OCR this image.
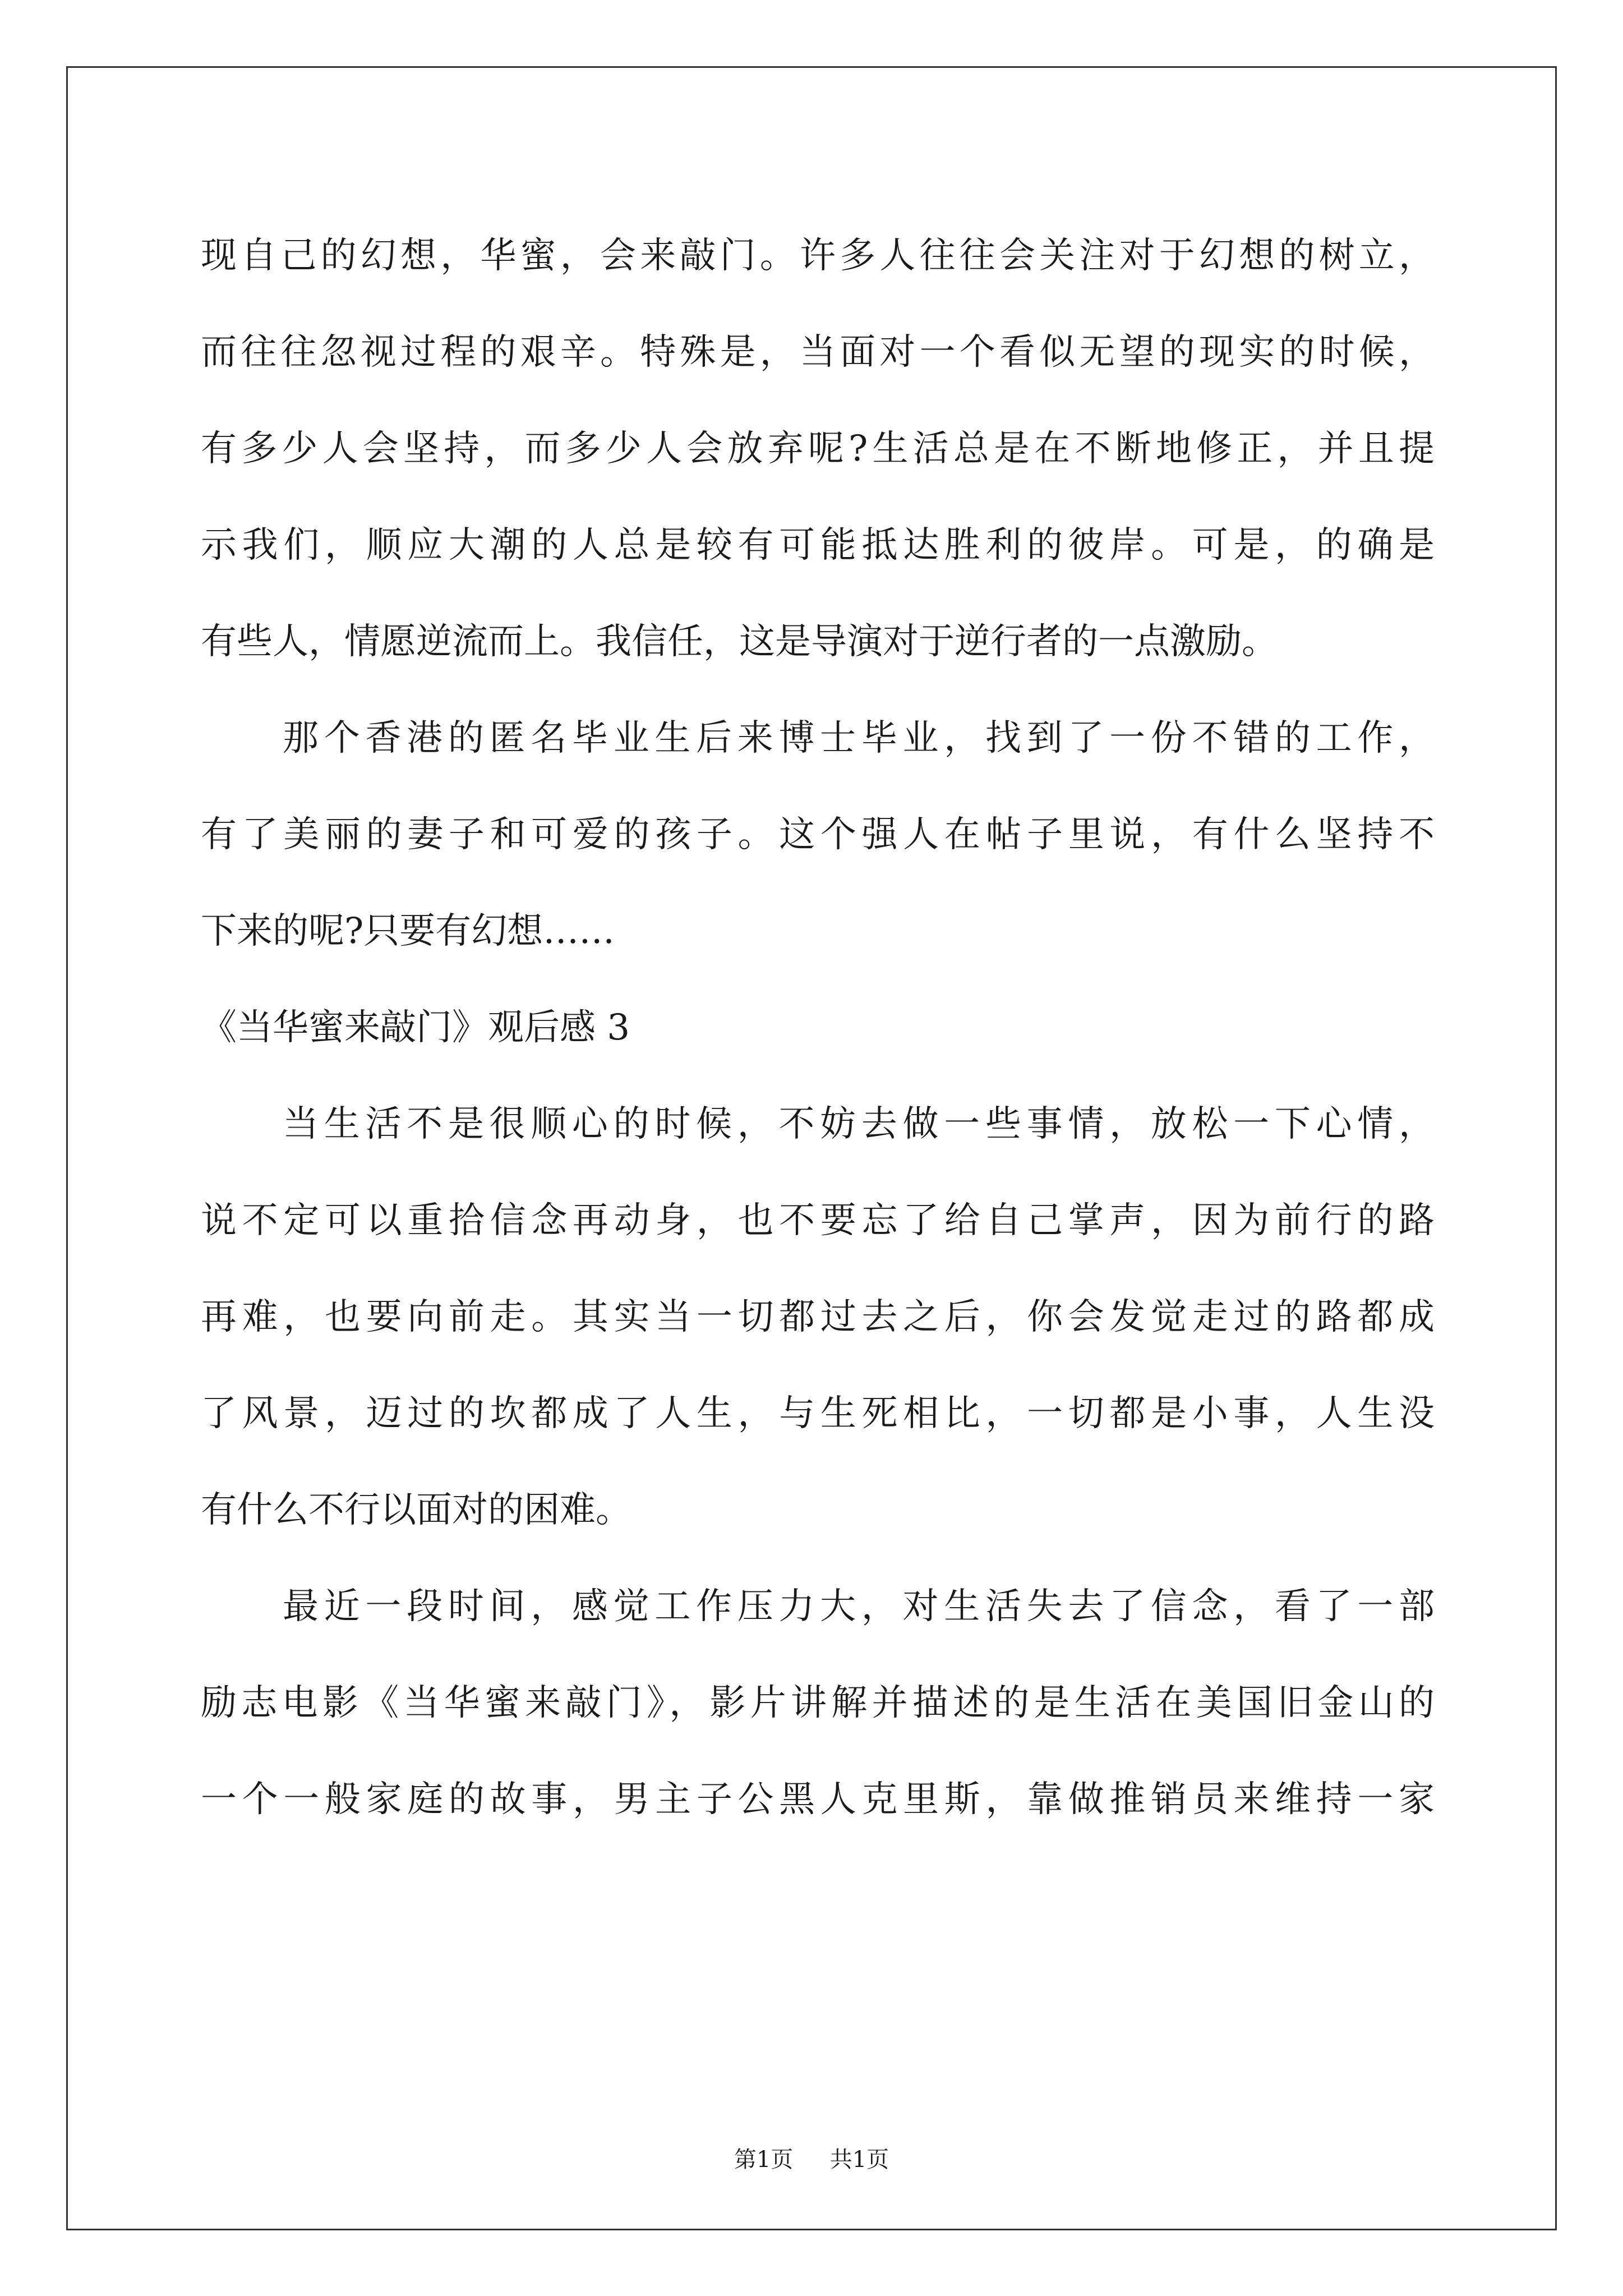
现自己的幻想，华蜜，会来敲门。许多人往往会关注对于幻想的树立，
而往往忽视过程的艰辛。特殊是，当面对一个看似无望的现实的时候，
有多少人会坚持，而多少人会放弃呢?生活总是在不断地修正，并且提
示我们，顺应大潮的人总是较有可能抵达胜利的彼岸。可是，的确是
有些人，情愿逆流而上。我信任，这是导演对于逆行者的一点激励。
那个香港的匿名毕业生后来博士毕业，找到了一份不错的工作，
有了美丽的妻子和可爱的孩子。这个强人在帖子里说，有什么坚持不
下来的呢?只要有幻想……
《当华蜜来敲门》观后感 3
当生活不是很顺心的时候，不妨去做一些事情，放松一下心情，
说不定可以重拾信念再动身，也不要忘了给自己掌声，因为前行的路
再难，也要向前走。其实当一切都过去之后，你会发觉走过的路都成
了风景，迈过的坎都成了人生，与生死相比，一切都是小事，人生没
有什么不行以面对的困难。
最近一段时间，感觉工作压力大，对生活失去了信念，看了一部
励志电影《当华蜜来敲门》，影片讲解并描述的是生活在美国旧金山的
一个一般家庭的故事，男主子公黑人克里斯，靠做推销员来维持一家
第1页 共1页
